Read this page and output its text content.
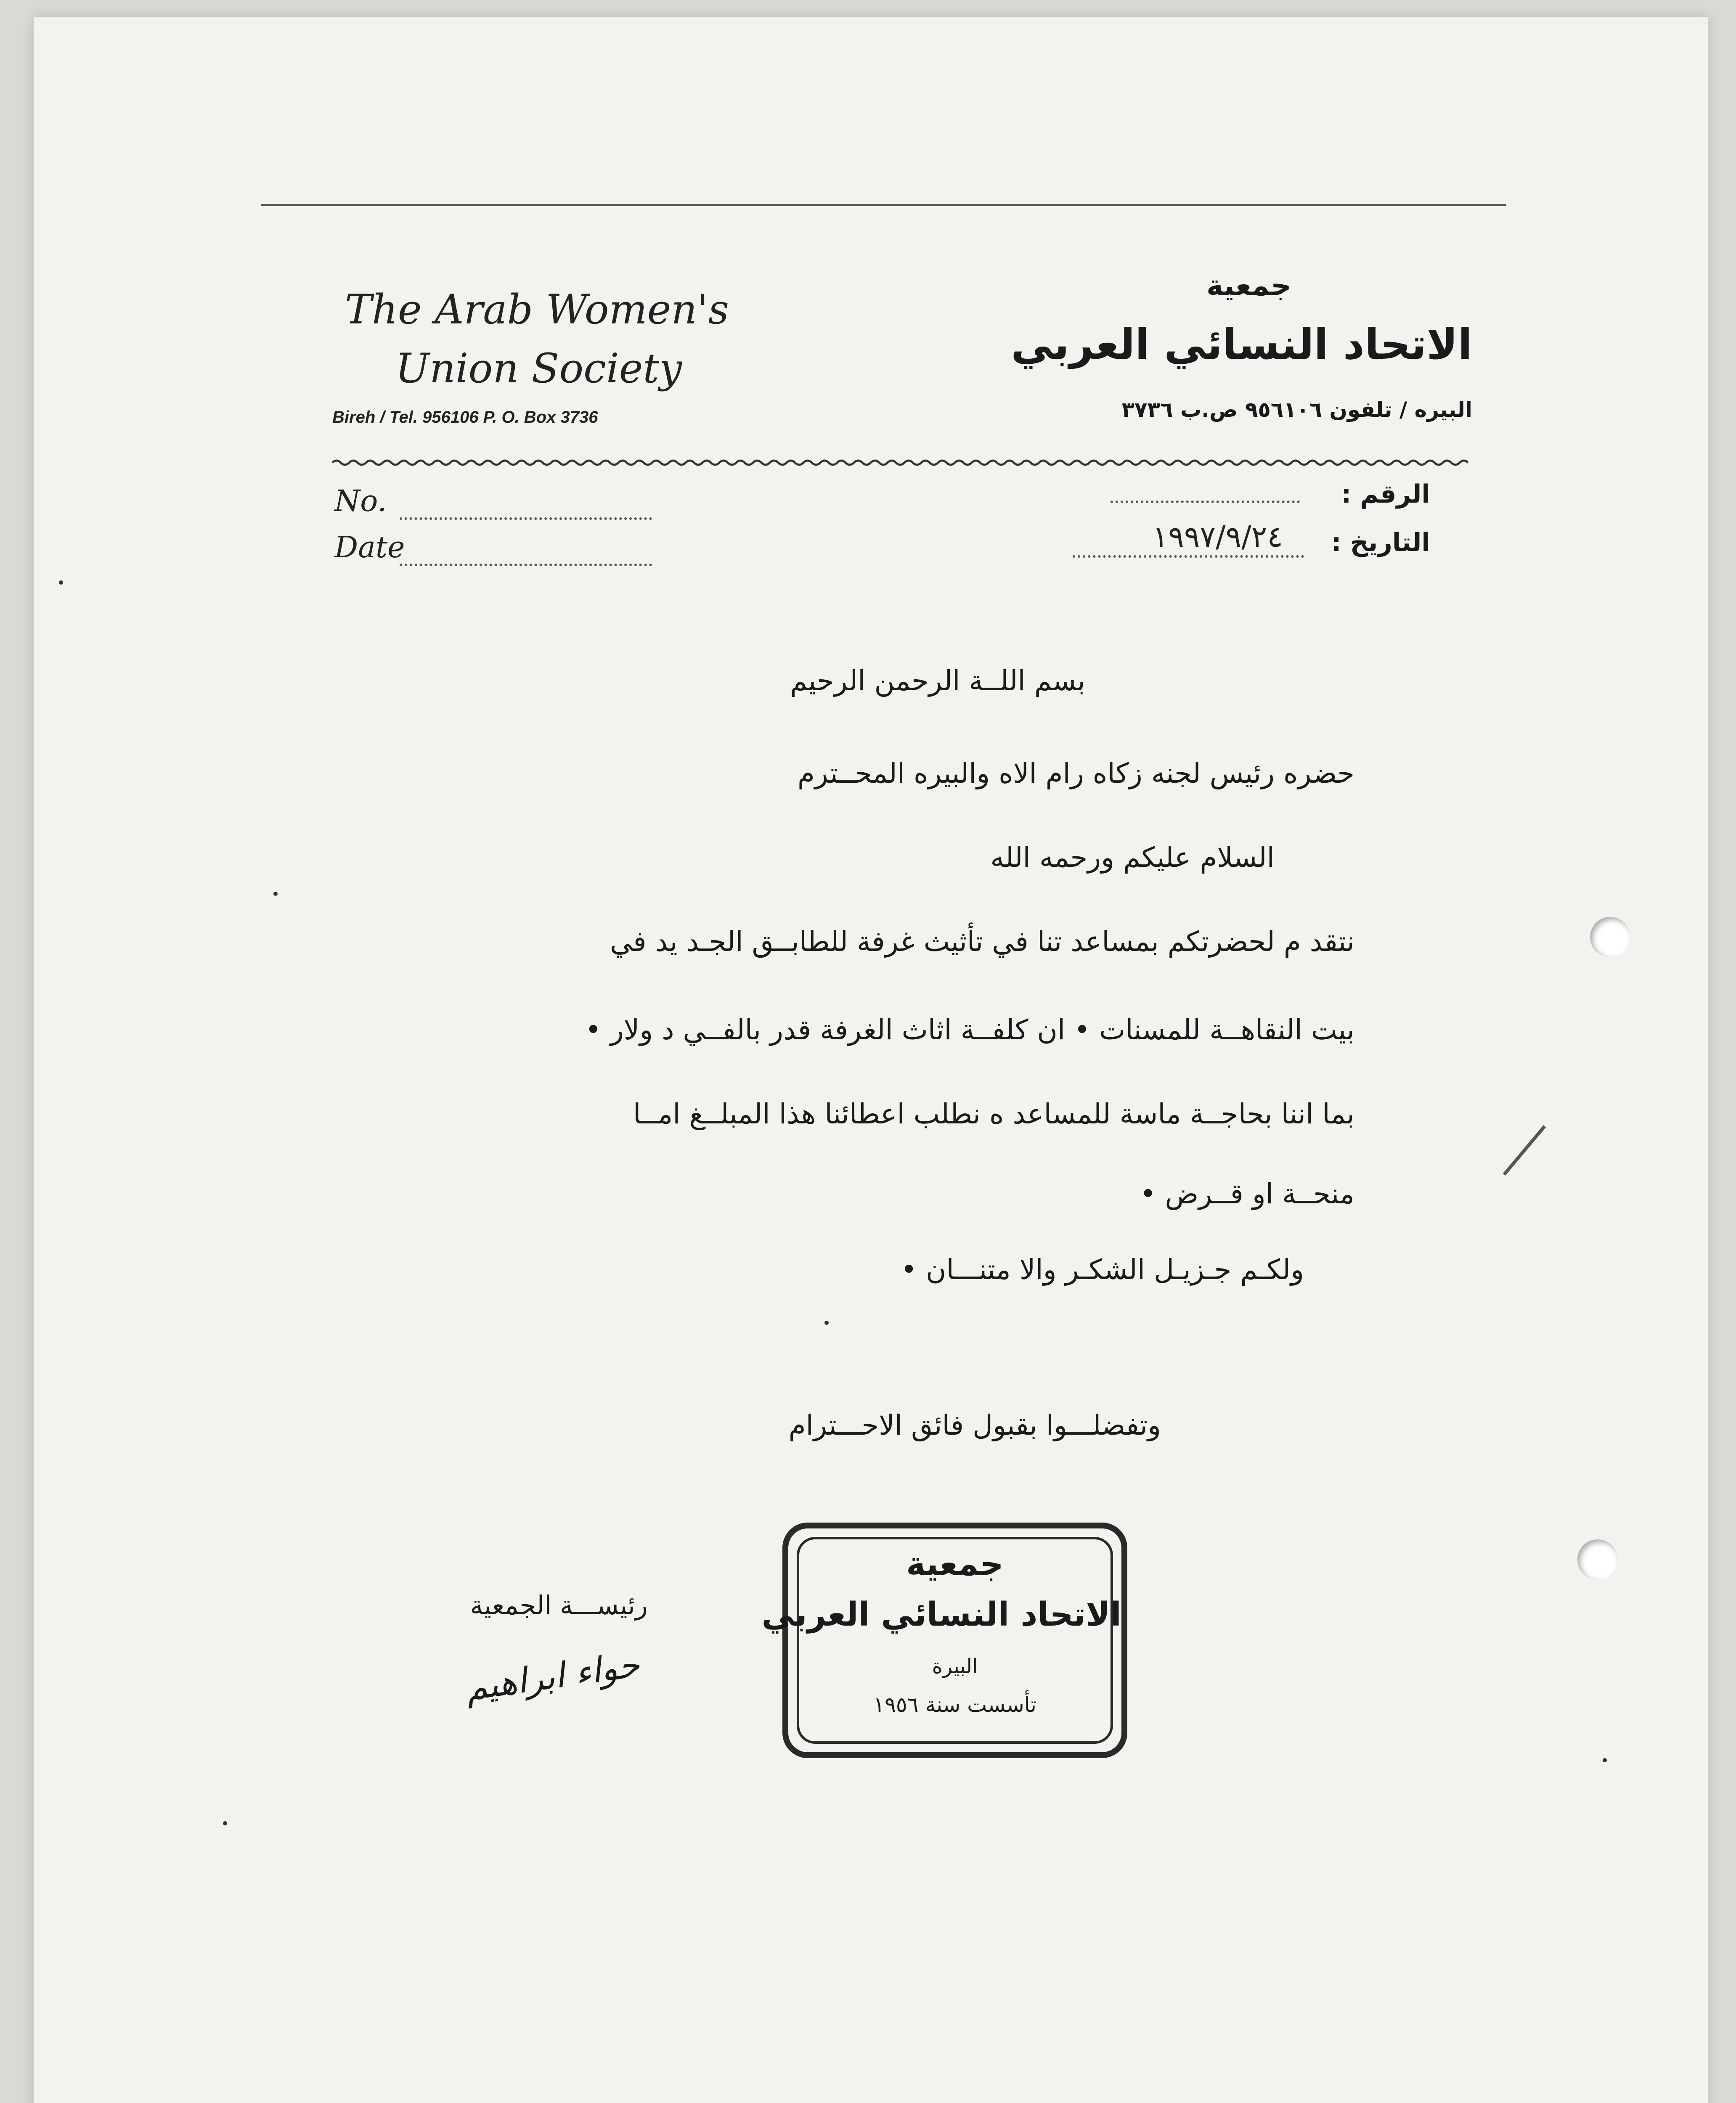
The Arab Women's
Union Society
Bireh / Tel. 956106 P. O. Box 3736
جمعية
الاتحاد النسائي العربي
البيره / تلفون ٩٥٦١٠٦ ص.ب ٣٧٣٦
No.
Date
الرقم :
التاريخ :
١٩٩٧/٩/٢٤
بسم اللــة الرحمن الرحيم
حضره رئيس لجنه زكاه رام الاه والبيره المحــترم
السلام عليكم ورحمه الله
نتقد م لحضرتكم بمساعد تنا في تأثيث غرفة للطابــق الجـد يد في
بيت النقاهــة للمسنات • ان كلفــة اثاث الغرفة قدر بالفــي د ولار •
بما اننا بحاجــة ماسة للمساعد ه نطلب اعطائنا هذا المبلــغ امــا
منحــة او قــرض •
ولكـم جـزيـل الشكـر والا متنـــان •
وتفضلـــوا بقبول فائق الاحـــترام
رئيســـة الجمعية
حواء ابراهيم
جمعية
الاتحاد النسائي العربي
البيرة
تأسست سنة ١٩٥٦
